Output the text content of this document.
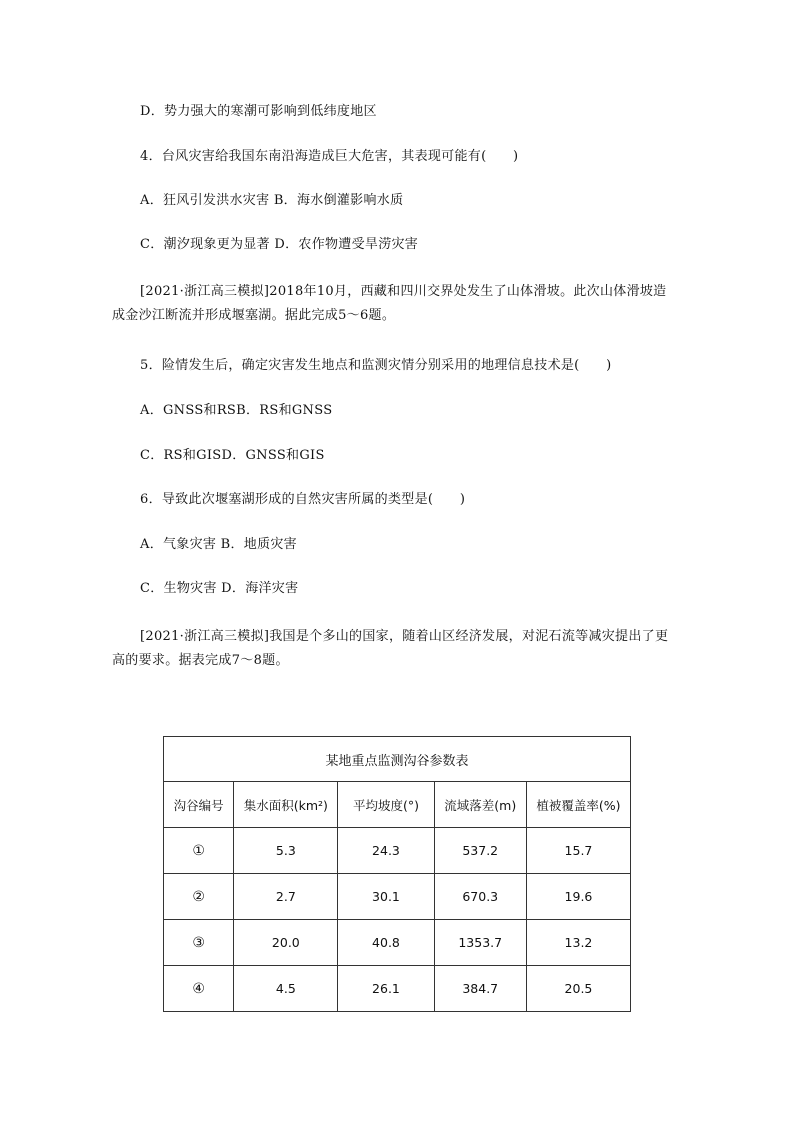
D．势力强大的寒潮可影响到低纬度地区
4．台风灾害给我国东南沿海造成巨大危害，其表现可能有(　　)
A．狂风引发洪水灾害 B．海水倒灌影响水质
C．潮汐现象更为显著 D．农作物遭受旱涝灾害
[2021·浙江高三模拟]2018年10月，西藏和四川交界处发生了山体滑坡。此次山体滑坡造成金沙江断流并形成堰塞湖。据此完成5～6题。
5．险情发生后，确定灾害发生地点和监测灾情分别采用的地理信息技术是(　　)
A．GNSS和RSB．RS和GNSS
C．RS和GISD．GNSS和GIS
6．导致此次堰塞湖形成的自然灾害所属的类型是(　　)
A．气象灾害 B．地质灾害
C．生物灾害 D．海洋灾害
[2021·浙江高三模拟]我国是个多山的国家，随着山区经济发展，对泥石流等减灾提出了更高的要求。据表完成7～8题。
某地重点监测沟谷参数表				
沟谷编号	集水面积(km²)	平均坡度(°)	流域落差(m)	植被覆盖率(%)
①	5.3	24.3	537.2	15.7
②	2.7	30.1	670.3	19.6
③	20.0	40.8	1353.7	13.2
④	4.5	26.1	384.7	20.5
